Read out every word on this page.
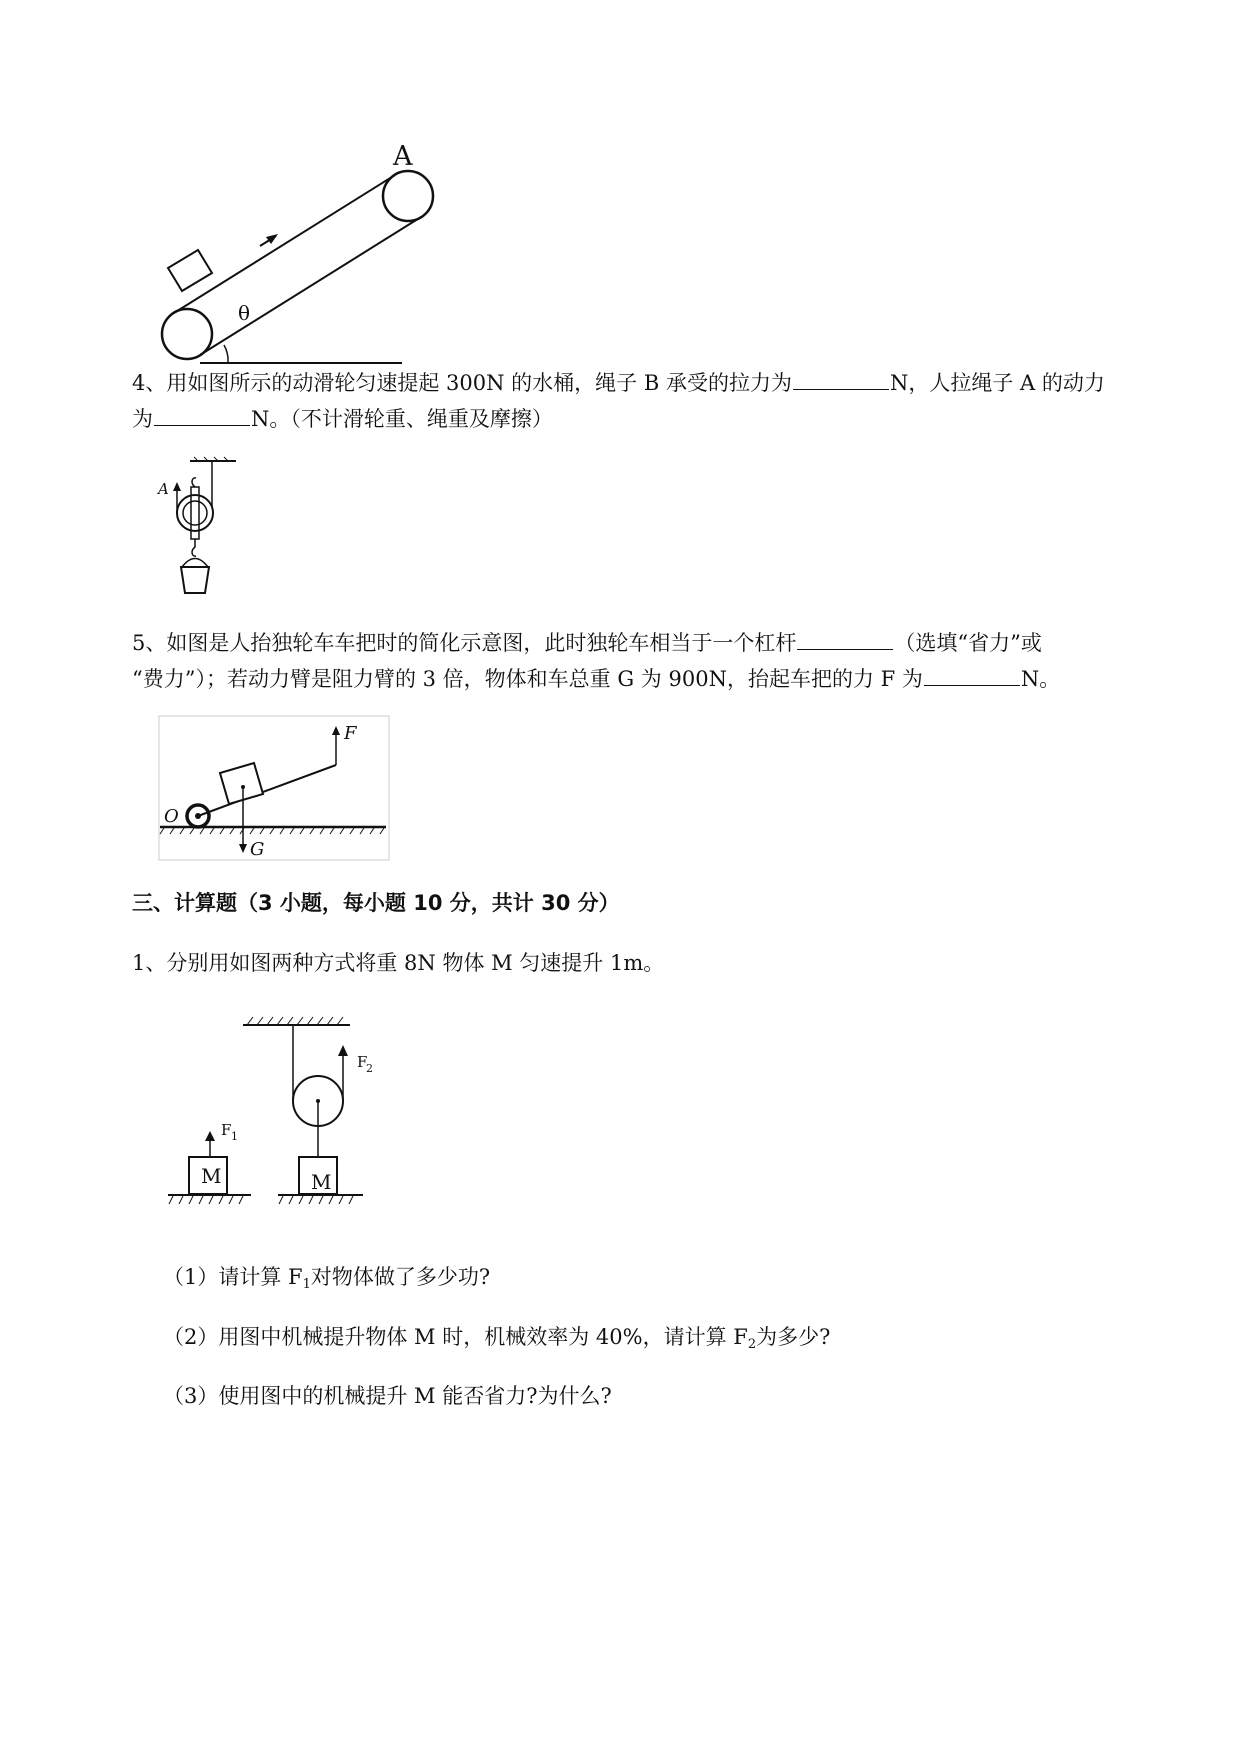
θ
A
4、用如图所示的动滑轮匀速提起 300N 的水桶，绳子 B 承受的拉力为	N，人拉绳子 A 的动力
为	N。（不计滑轮重、绳重及摩擦）
A
5、如图是人抬独轮车车把时的简化示意图，此时独轮车相当于一个杠杆	（选填“省力”或
“费力”）；若动力臂是阻力臂的 3 倍，物体和车总重 G 为 900N，抬起车把的力 F 为	N。
F
O
G
三、计算题（3 小题，每小题 10 分，共计 30 分）
1、分别用如图两种方式将重 8N 物体 M 匀速提升 1m。
M	M
F 1
F
2
（1）请计算 $F_1$对物体做了多少功?
（2）用图中机械提升物体 M 时，机械效率为 40%，请计算 $F_2$为多少?
（3）使用图中的机械提升 M 能否省力?为什么?
